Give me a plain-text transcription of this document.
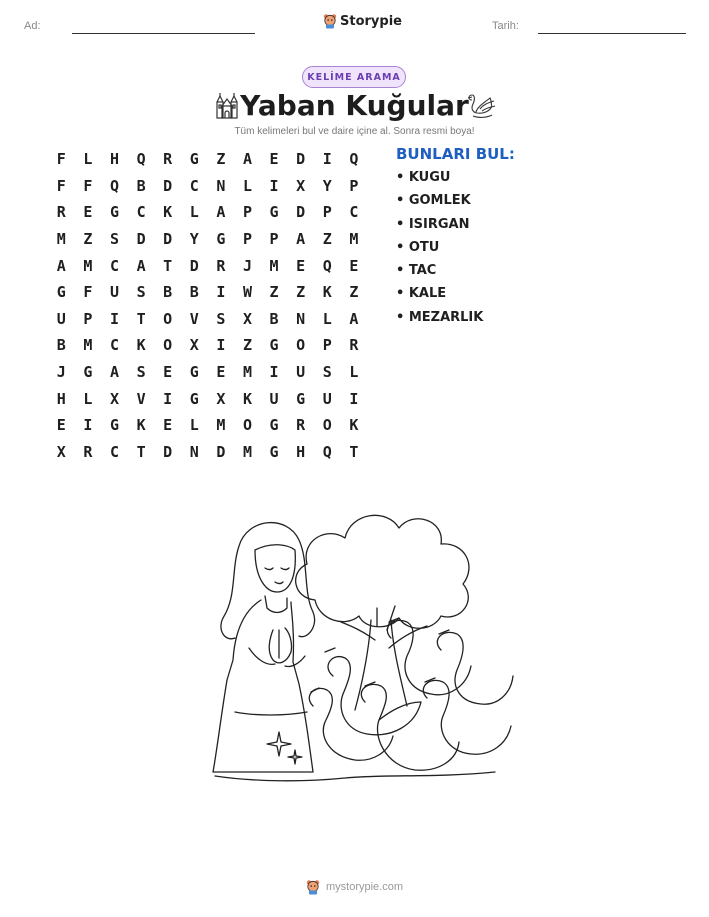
Ad:	Storypie	Tarih:
KELİME ARAMA
Yaban Kuğular
Tüm kelimeleri bul ve daire içine al. Sonra resmi boya!
F	L	H	Q	R	G	Z	A	E	D	I	Q
F	F	Q	B	D	C	N	L	I	X	Y	P
R	E	G	C	K	L	A	P	G	D	P	C
M	Z	S	D	D	Y	G	P	P	A	Z	M
A	M	C	A	T	D	R	J	M	E	Q	E
G	F	U	S	B	B	I	W	Z	Z	K	Z
U	P	I	T	O	V	S	X	B	N	L	A
B	M	C	K	O	X	I	Z	G	O	P	R
J	G	A	S	E	G	E	M	I	U	S	L
H	L	X	V	I	G	X	K	U	G	U	I
E	I	G	K	E	L	M	O	G	R	O	K
X	R	C	T	D	N	D	M	G	H	Q	T
BUNLARI BUL:
• KUGU
• GOMLEK
• ISIRGAN
• OTU
• TAC
• KALE
• MEZARLIK
mystorypie.com
